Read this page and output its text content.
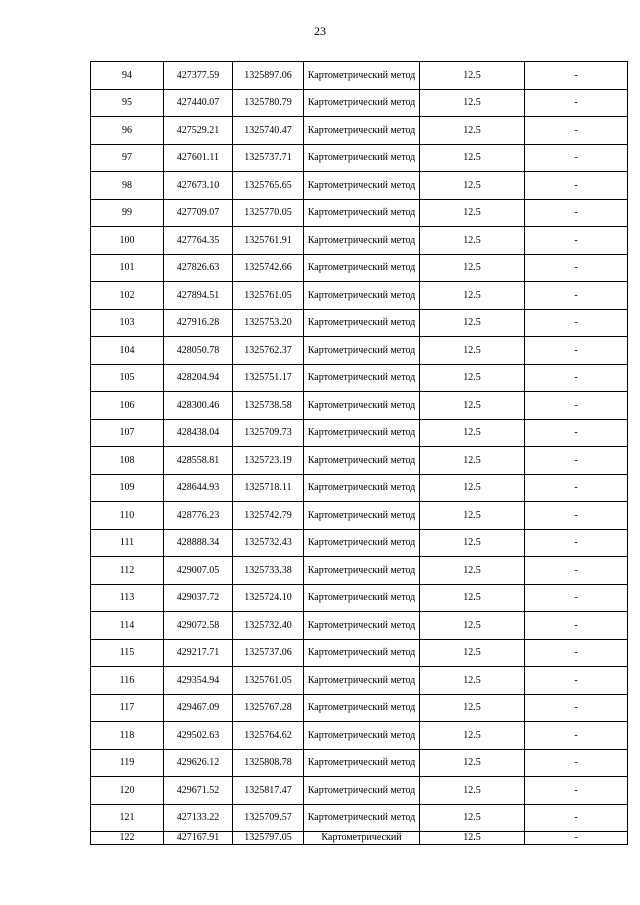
23
94	427377.59	1325897.06	Картометрический метод	12.5	-
95	427440.07	1325780.79	Картометрический метод	12.5	-
96	427529.21	1325740.47	Картометрический метод	12.5	-
97	427601.11	1325737.71	Картометрический метод	12.5	-
98	427673.10	1325765.65	Картометрический метод	12.5	-
99	427709.07	1325770.05	Картометрический метод	12.5	-
100	427764.35	1325761.91	Картометрический метод	12.5	-
101	427826.63	1325742.66	Картометрический метод	12.5	-
102	427894.51	1325761.05	Картометрический метод	12.5	-
103	427916.28	1325753.20	Картометрический метод	12.5	-
104	428050.78	1325762.37	Картометрический метод	12.5	-
105	428204.94	1325751.17	Картометрический метод	12.5	-
106	428300.46	1325738.58	Картометрический метод	12.5	-
107	428438.04	1325709.73	Картометрический метод	12.5	-
108	428558.81	1325723.19	Картометрический метод	12.5	-
109	428644.93	1325718.11	Картометрический метод	12.5	-
110	428776.23	1325742.79	Картометрический метод	12.5	-
111	428888.34	1325732.43	Картометрический метод	12.5	-
112	429007.05	1325733.38	Картометрический метод	12.5	-
113	429037.72	1325724.10	Картометрический метод	12.5	-
114	429072.58	1325732.40	Картометрический метод	12.5	-
115	429217.71	1325737.06	Картометрический метод	12.5	-
116	429354.94	1325761.05	Картометрический метод	12.5	-
117	429467.09	1325767.28	Картометрический метод	12.5	-
118	429502.63	1325764.62	Картометрический метод	12.5	-
119	429626.12	1325808.78	Картометрический метод	12.5	-
120	429671.52	1325817.47	Картометрический метод	12.5	-
121	427133.22	1325709.57	Картометрический метод	12.5	-
122	427167.91	1325797.05	Картометрический	12.5	-
